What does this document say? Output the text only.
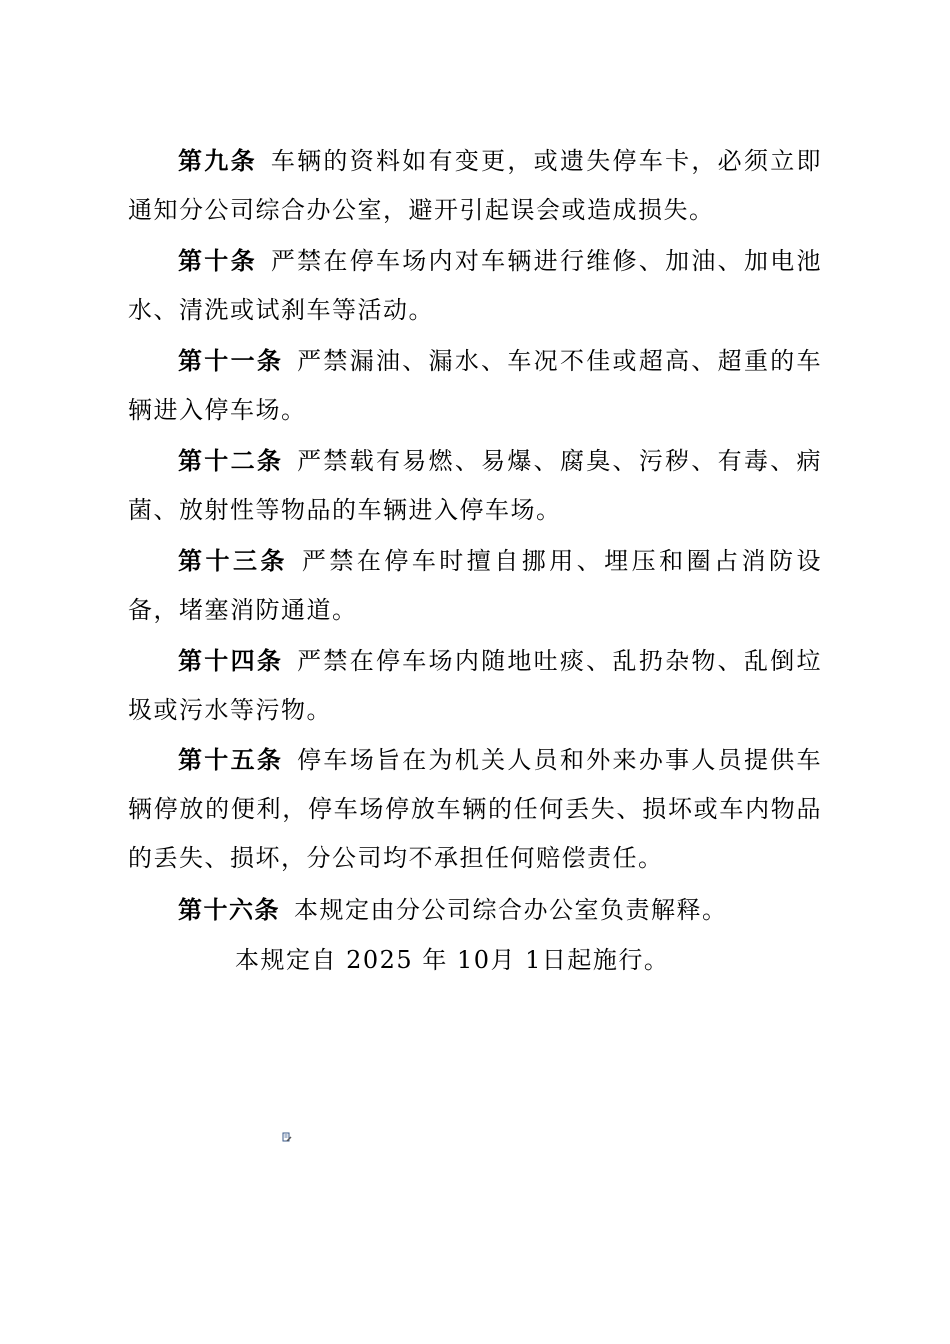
第九条 车辆的资料如有变更，或遗失停车卡，必须立即通知分公司综合办公室，避开引起误会或造成损失。

第十条 严禁在停车场内对车辆进行维修、加油、加电池水、清洗或试刹车等活动。

第十一条 严禁漏油、漏水、车况不佳或超高、超重的车辆进入停车场。

第十二条 严禁载有易燃、易爆、腐臭、污秽、有毒、病菌、放射性等物品的车辆进入停车场。

第十三条 严禁在停车时擅自挪用、埋压和圈占消防设备，堵塞消防通道。

第十四条 严禁在停车场内随地吐痰、乱扔杂物、乱倒垃圾或污水等污物。

第十五条 停车场旨在为机关人员和外来办事人员提供车辆停放的便利，停车场停放车辆的任何丢失、损坏或车内物品的丢失、损坏，分公司均不承担任何赔偿责任。

第十六条 本规定由分公司综合办公室负责解释。

本规定自 2025 年 10月 1日起施行。
